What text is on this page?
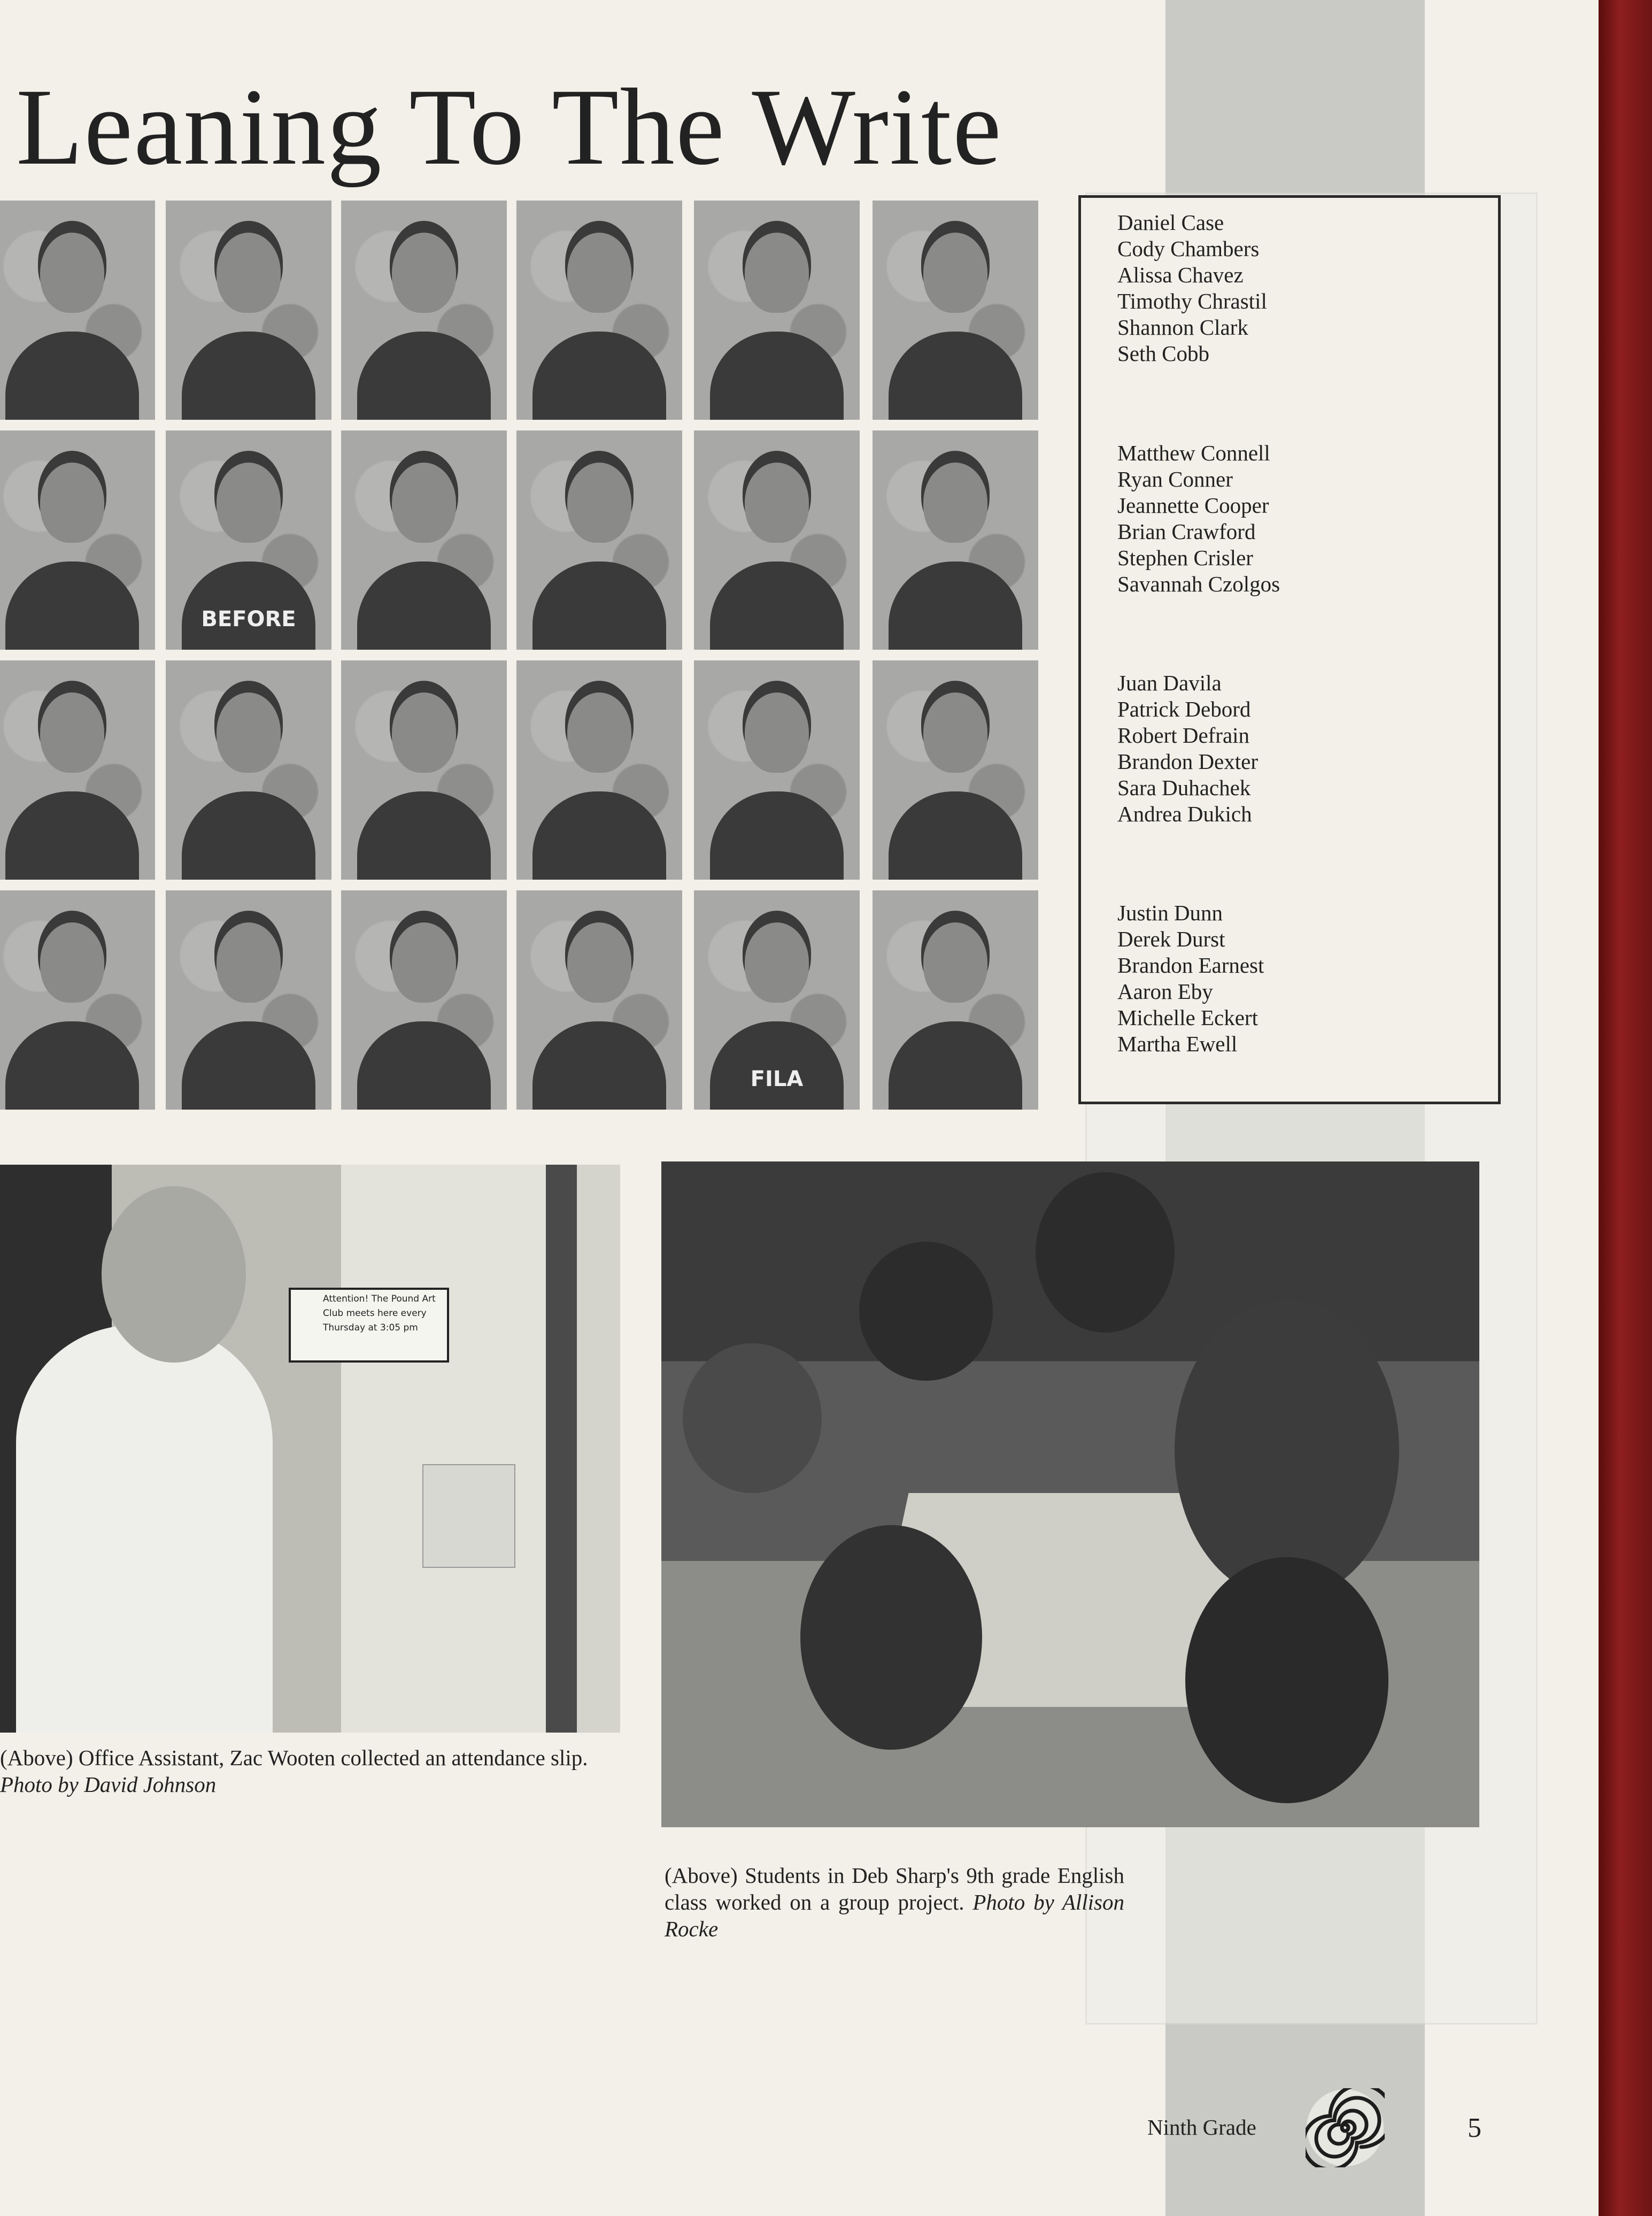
Leaning To The Write
BEFORE
FILA
Daniel Case
Cody Chambers
Alissa Chavez
Timothy Chrastil
Shannon Clark
Seth Cobb
Matthew Connell
Ryan Conner
Jeannette Cooper
Brian Crawford
Stephen Crisler
Savannah Czolgos
Juan Davila
Patrick Debord
Robert Defrain
Brandon Dexter
Sara Duhachek
Andrea Dukich
Justin Dunn
Derek Durst
Brandon Earnest
Aaron Eby
Michelle Eckert
Martha Ewell
Attention! The Pound Art Club meets here every Thursday at 3:05 pm
(Above) Office Assistant, Zac Wooten collected an attendance slip. Photo by David Johnson
(Above) Students in Deb Sharp's 9th grade English class worked on a group project. Photo by Allison Rocke
Ninth Grade	5
